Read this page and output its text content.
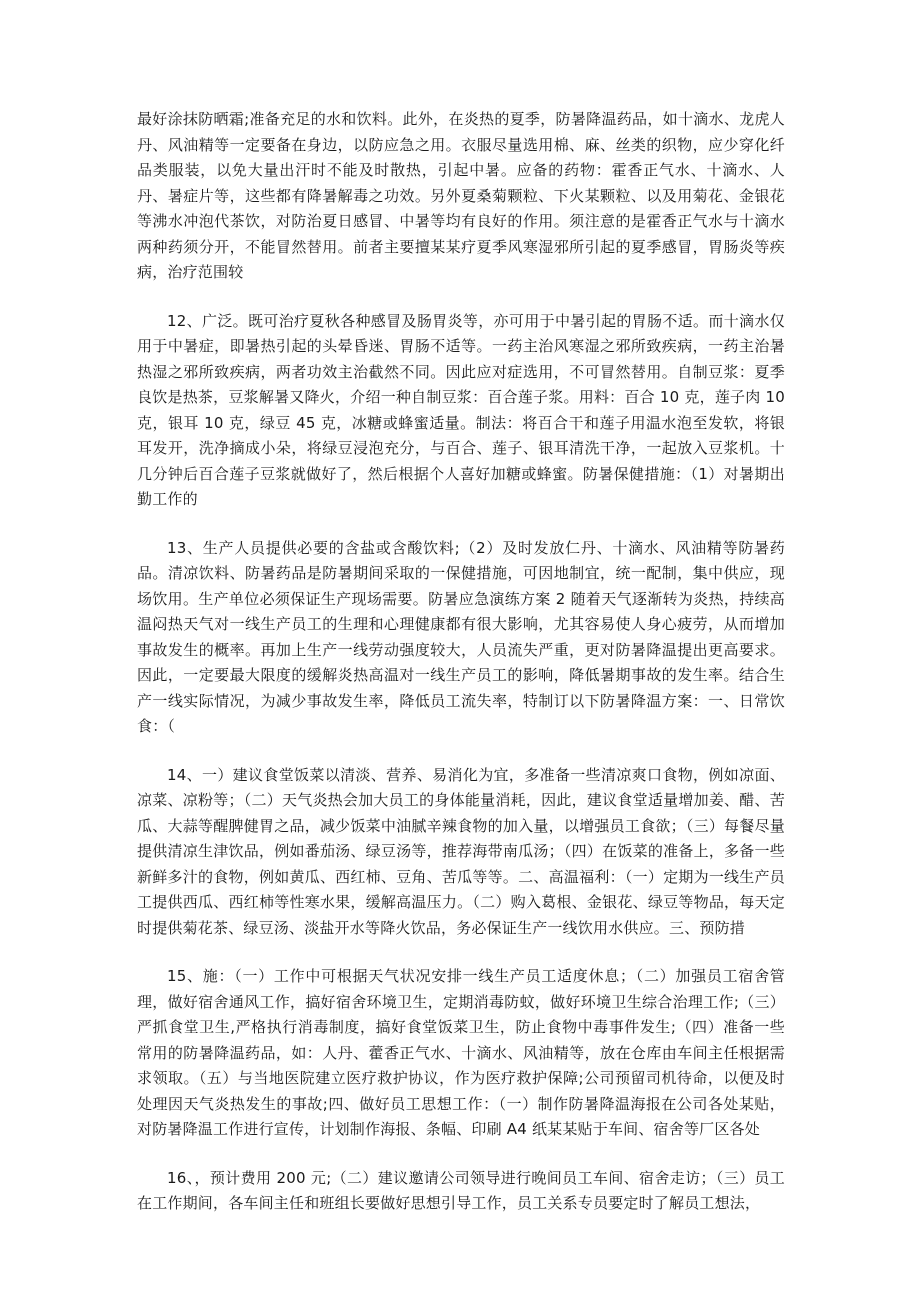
最好涂抹防晒霜;准备充足的水和饮料。此外，在炎热的夏季，防暑降温药品，如十滴水、龙虎人丹、风油精等一定要备在身边，以防应急之用。衣服尽量选用棉、麻、丝类的织物，应少穿化纤品类服装，以免大量出汗时不能及时散热，引起中暑。应备的药物：霍香正气水、十滴水、人丹、暑症片等，这些都有降暑解毒之功效。另外夏桑菊颗粒、下火某颗粒、以及用菊花、金银花等沸水冲泡代茶饮，对防治夏日感冒、中暑等均有良好的作用。须注意的是霍香正气水与十滴水两种药须分开，不能冒然替用。前者主要擅某某疗夏季风寒湿邪所引起的夏季感冒，胃肠炎等疾病，治疗范围较

12、广泛。既可治疗夏秋各种感冒及肠胃炎等，亦可用于中暑引起的胃肠不适。而十滴水仅用于中暑症，即暑热引起的头晕昏迷、胃肠不适等。一药主治风寒湿之邪所致疾病，一药主治暑热湿之邪所致疾病，两者功效主治截然不同。因此应对症选用，不可冒然替用。自制豆浆：夏季良饮是热茶，豆浆解暑又降火，介绍一种自制豆浆：百合莲子浆。用料：百合 10 克，莲子肉 10 克，银耳 10 克，绿豆 45 克，冰糖或蜂蜜适量。制法：将百合干和莲子用温水泡至发软，将银耳发开，洗净摘成小朵，将绿豆浸泡充分，与百合、莲子、银耳清洗干净，一起放入豆浆机。十几分钟后百合莲子豆浆就做好了，然后根据个人喜好加糖或蜂蜜。防暑保健措施：（1）对暑期出勤工作的

13、生产人员提供必要的含盐或含酸饮料;（2）及时发放仁丹、十滴水、风油精等防暑药品。清凉饮料、防暑药品是防暑期间采取的一保健措施，可因地制宜，统一配制，集中供应，现场饮用。生产单位必须保证生产现场需要。防暑应急演练方案 2 随着天气逐渐转为炎热，持续高温闷热天气对一线生产员工的生理和心理健康都有很大影响，尤其容易使人身心疲劳，从而增加事故发生的概率。再加上生产一线劳动强度较大，人员流失严重，更对防暑降温提出更高要求。因此，一定要最大限度的缓解炎热高温对一线生产员工的影响，降低暑期事故的发生率。结合生产一线实际情况，为减少事故发生率，降低员工流失率，特制订以下防暑降温方案：一、日常饮食：（

14、一）建议食堂饭菜以清淡、营养、易消化为宜，多准备一些清凉爽口食物，例如凉面、凉菜、凉粉等；（二）天气炎热会加大员工的身体能量消耗，因此，建议食堂适量增加姜、醋、苦瓜、大蒜等醒脾健胃之品，减少饭菜中油腻辛辣食物的加入量，以增强员工食欲；（三）每餐尽量提供清凉生津饮品，例如番茄汤、绿豆汤等，推荐海带南瓜汤；（四）在饭菜的准备上，多备一些新鲜多汁的食物，例如黄瓜、西红柿、豆角、苦瓜等等。二、高温福利：（一）定期为一线生产员工提供西瓜、西红柿等性寒水果，缓解高温压力。（二）购入葛根、金银花、绿豆等物品，每天定时提供菊花茶、绿豆汤、淡盐开水等降火饮品，务必保证生产一线饮用水供应。三、预防措

15、施：（一）工作中可根据天气状况安排一线生产员工适度休息；（二）加强员工宿舍管理，做好宿舍通风工作，搞好宿舍环境卫生，定期消毒防蚊，做好环境卫生综合治理工作;（三）严抓食堂卫生,严格执行消毒制度，搞好食堂饭菜卫生，防止食物中毒事件发生;（四）准备一些常用的防暑降温药品，如：人丹、藿香正气水、十滴水、风油精等，放在仓库由车间主任根据需求领取。（五）与当地医院建立医疗救护协议，作为医疗救护保障;公司预留司机待命，以便及时处理因天气炎热发生的事故;四、做好员工思想工作：（一）制作防暑降温海报在公司各处某贴，对防暑降温工作进行宣传，计划制作海报、条幅、印刷 A4 纸某某贴于车间、宿舍等厂区各处

16、，预计费用 200 元;（二）建议邀请公司领导进行晚间员工车间、宿舍走访；（三）员工在工作期间，各车间主任和班组长要做好思想引导工作，员工关系专员要定时了解员工想法，
